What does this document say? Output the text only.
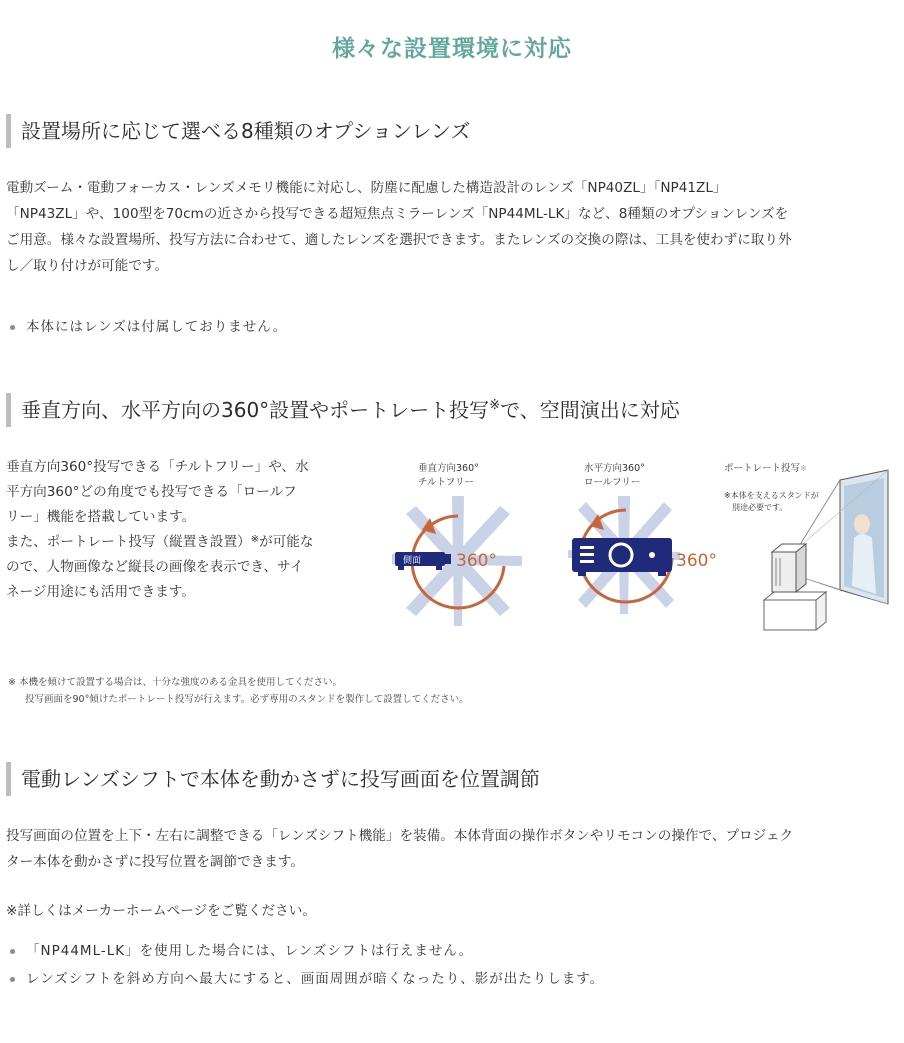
様々な設置環境に対応
設置場所に応じて選べる8種類のオプションレンズ
電動ズーム・電動フォーカス・レンズメモリ機能に対応し、防塵に配慮した構造設計のレンズ「NP40ZL」「NP41ZL」
「NP43ZL」や、100型を70cmの近さから投写できる超短焦点ミラーレンズ「NP44ML-LK」など、8種類のオプションレンズを
ご用意。様々な設置場所、投写方法に合わせて、適したレンズを選択できます。またレンズの交換の際は、工具を使わずに取り外
し／取り付けが可能です。
本体にはレンズは付属しておりません。
垂直方向、水平方向の360°設置やポートレート投写※で、空間演出に対応
垂直方向360°投写できる「チルトフリー」や、水
平方向360°どの角度でも投写できる「ロールフ
リー」機能を搭載しています。
また、ポートレート投写（縦置き設置）※が可能な
ので、人物画像など縦長の画像を表示でき、サイ
ネージ用途にも活用できます。
垂直方向360°
チルトフリー
側面 360°
水平方向360°
ロールフリー
360°
ポートレート投写※
※本体を支えるスタンドが
別途必要です。
※ 本機を傾けて設置する場合は、十分な強度のある金具を使用してください。
投写画面を90°傾けたポートレート投写が行えます。必ず専用のスタンドを製作して設置してください。
電動レンズシフトで本体を動かさずに投写画面を位置調節
投写画面の位置を上下・左右に調整できる「レンズシフト機能」を装備。本体背面の操作ボタンやリモコンの操作で、プロジェク
ター本体を動かさずに投写位置を調節できます。
※詳しくはメーカーホームページをご覧ください。
「NP44ML-LK」を使用した場合には、レンズシフトは行えません。
レンズシフトを斜め方向へ最大にすると、画面周囲が暗くなったり、影が出たりします。
